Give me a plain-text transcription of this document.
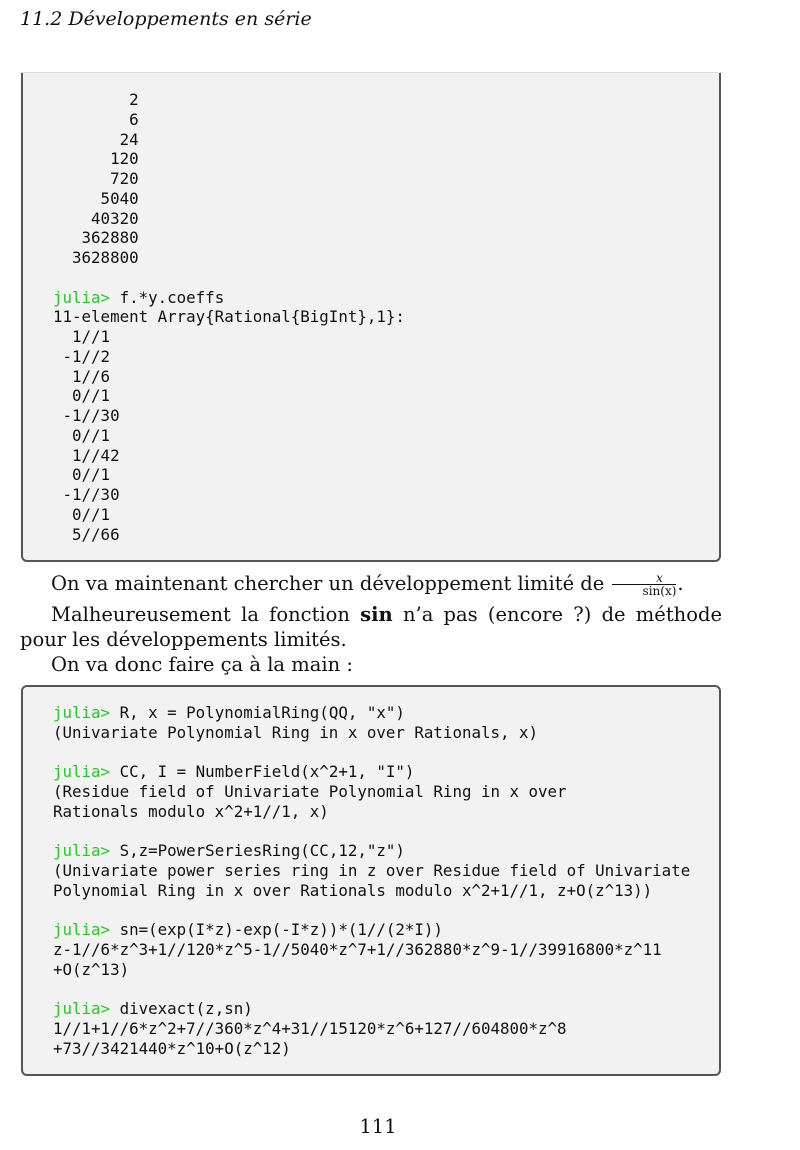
11.2 Développements en série
2
6
24
120
720
5040
40320
362880
3628800
julia> f.*y.coeffs
11-element Array{Rational{BigInt},1}:
1//1
-1//2
1//6
0//1
-1//30
0//1
1//42
0//1
-1//30
0//1
5//66
On va maintenant chercher un développement limité de $\frac{x}{\sin(x)}$ .
Malheureusement la fonction sin n’a pas (encore ?) de méthode pour les développements limités.
On va donc faire ça à la main :
julia> R, x = PolynomialRing(QQ, "x")
(Univariate Polynomial Ring in x over Rationals, x)
julia> CC, I = NumberField(x^2+1, "I")
(Residue field of Univariate Polynomial Ring in x over
Rationals modulo x^2+1//1, x)
julia> S,z=PowerSeriesRing(CC,12,"z")
(Univariate power series ring in z over Residue field of Univariate
Polynomial Ring in x over Rationals modulo x^2+1//1, z+O(z^13))
julia> sn=(exp(I*z)-exp(-I*z))*(1//(2*I))
z-1//6*z^3+1//120*z^5-1//5040*z^7+1//362880*z^9-1//39916800*z^11
+O(z^13)
julia> divexact(z,sn)
1//1+1//6*z^2+7//360*z^4+31//15120*z^6+127//604800*z^8
+73//3421440*z^10+O(z^12)
111
